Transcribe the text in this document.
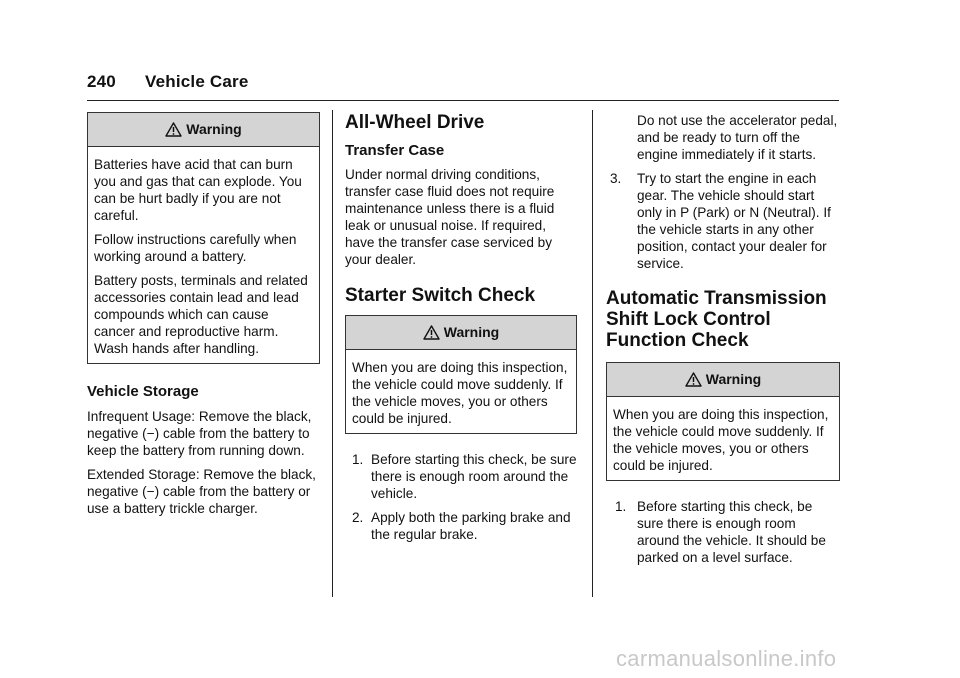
240 Vehicle Care
Warning

Batteries have acid that can burn you and gas that can explode. You can be hurt badly if you are not careful.

Follow instructions carefully when working around a battery.

Battery posts, terminals and related accessories contain lead and lead compounds which can cause cancer and reproductive harm. Wash hands after handling.

Vehicle Storage

Infrequent Usage: Remove the black, negative (−) cable from the battery to keep the battery from running down.

Extended Storage: Remove the black, negative (−) cable from the battery or use a battery trickle charger.

All-Wheel Drive
Transfer Case

Under normal driving conditions, transfer case fluid does not require maintenance unless there is a fluid leak or unusual noise. If required, have the transfer case serviced by your dealer.

Starter Switch Check
Warning

When you are doing this inspection, the vehicle could move suddenly. If the vehicle moves, you or others could be injured.

1. Before starting this check, be sure there is enough room around the vehicle.
2. Apply both the parking brake and the regular brake.
Do not use the accelerator pedal, and be ready to turn off the engine immediately if it starts.
3. Try to start the engine in each gear. The vehicle should start only in P (Park) or N (Neutral). If the vehicle starts in any other position, contact your dealer for service.
Automatic Transmission
Shift Lock Control
Function Check
Warning

When you are doing this inspection, the vehicle could move suddenly. If the vehicle moves, you or others could be injured.

1. Before starting this check, be sure there is enough room around the vehicle. It should be parked on a level surface.
carmanualsonline.info
